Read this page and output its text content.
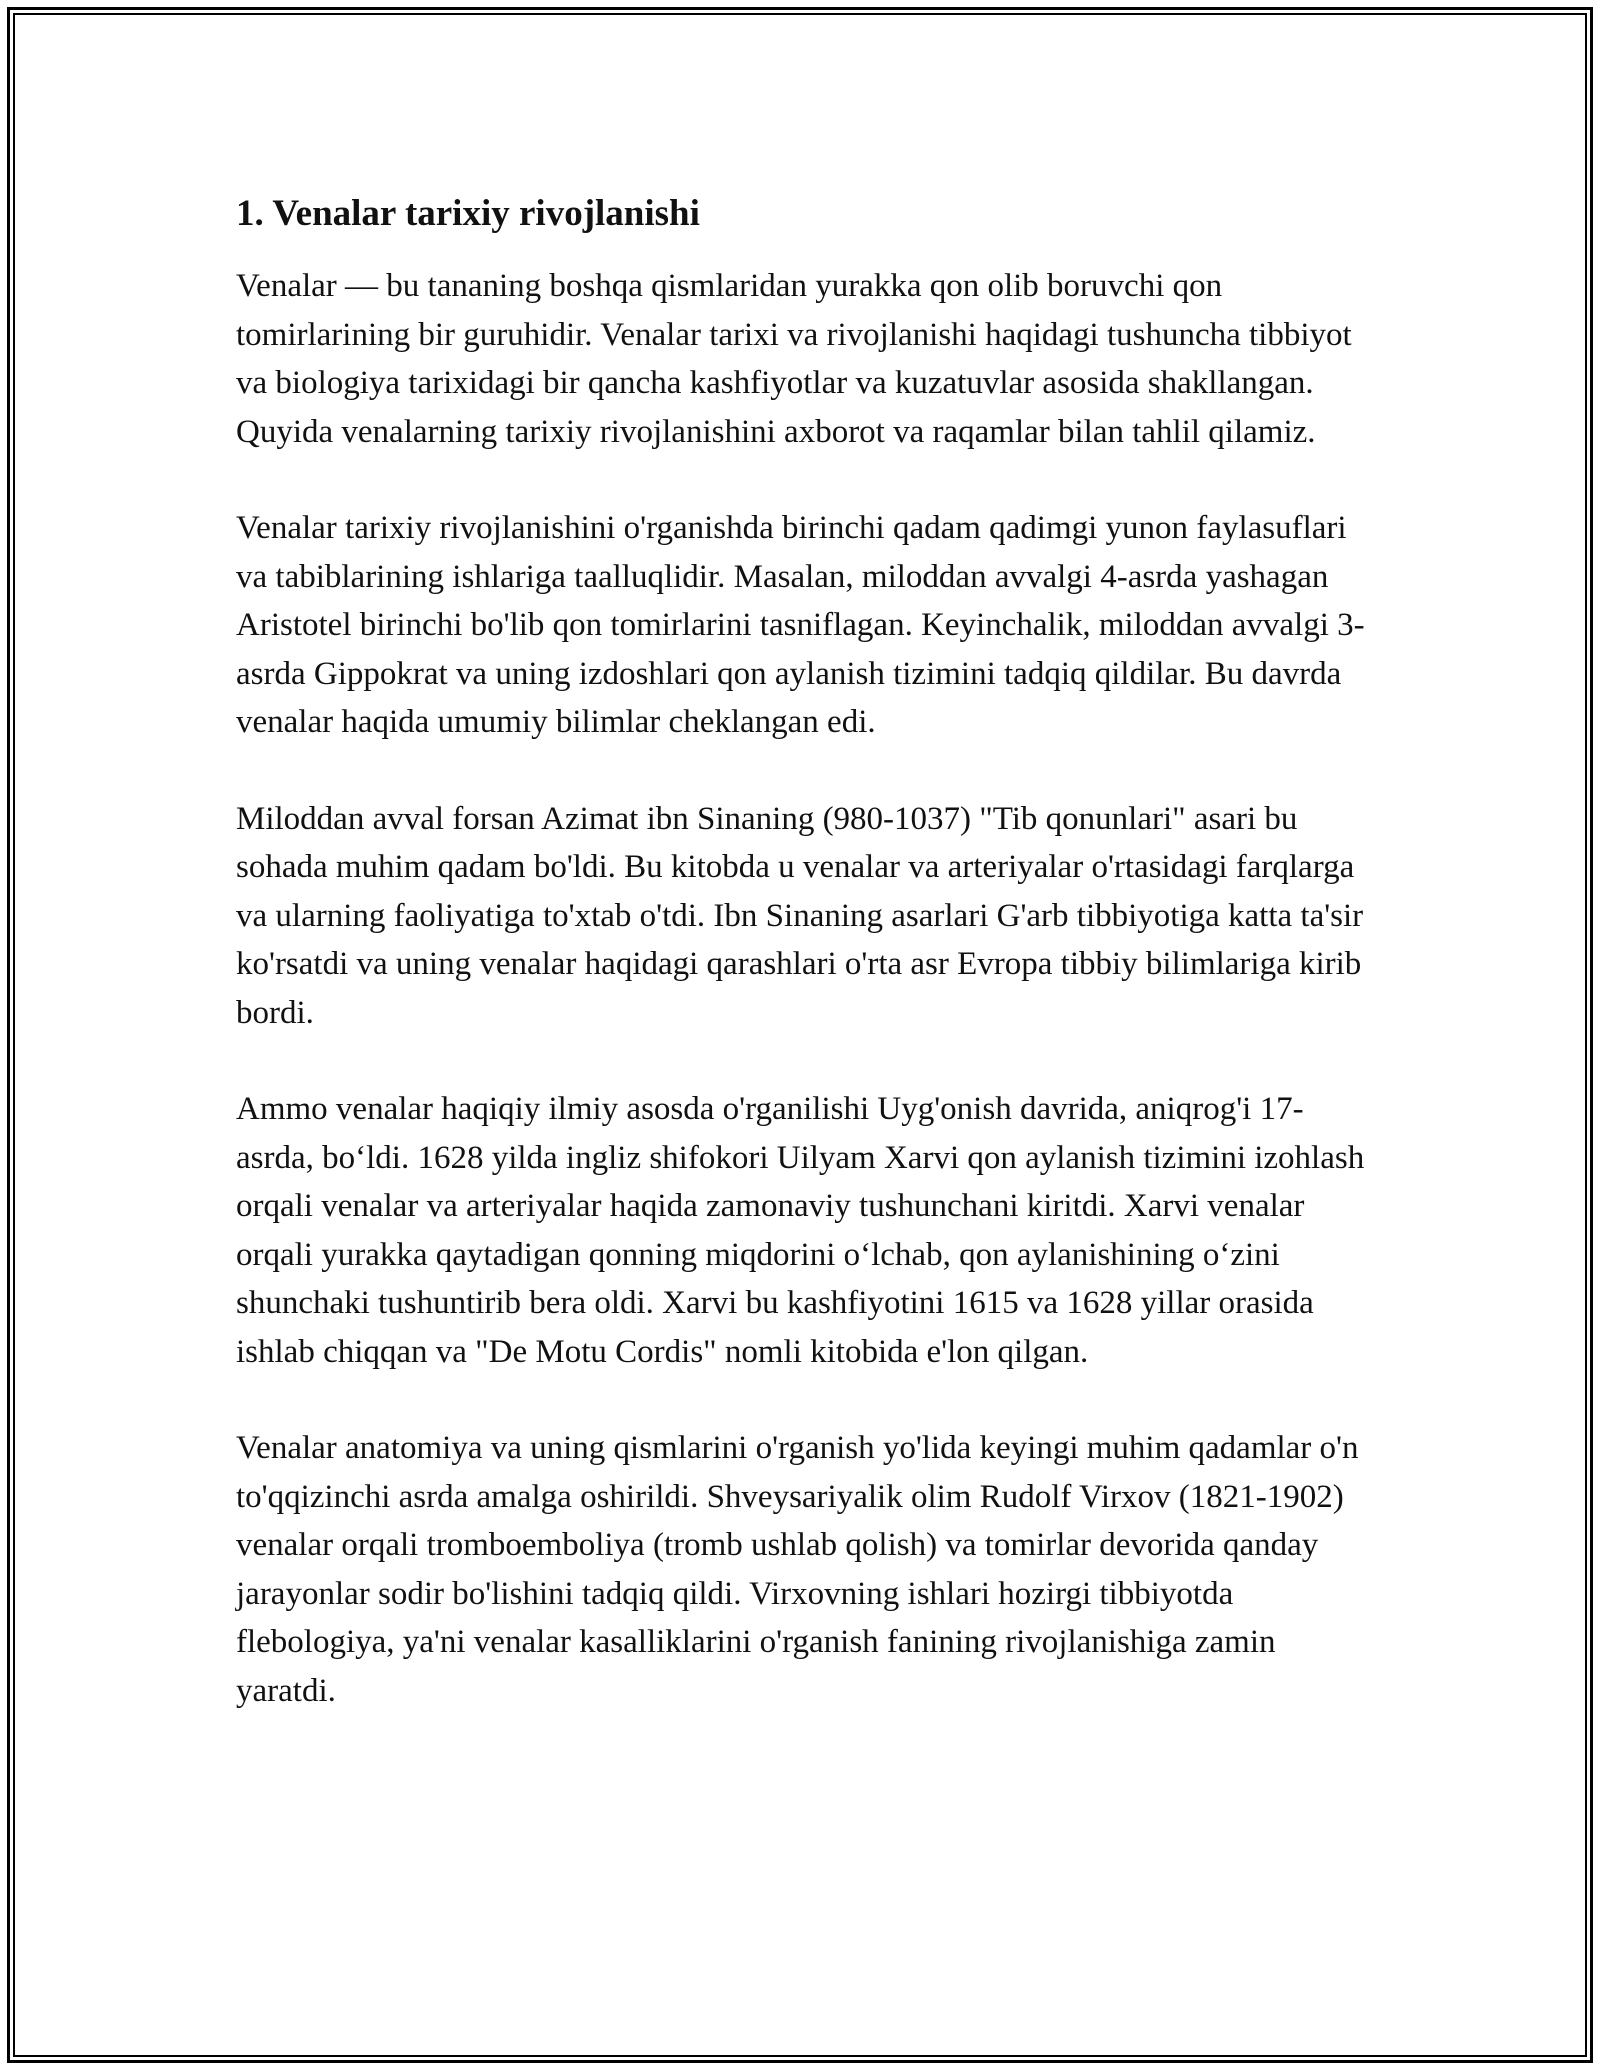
1. Venalar tarixiy rivojlanishi

Venalar — bu tananing boshqa qismlaridan yurakka qon olib boruvchi qon tomirlarining bir guruhidir. Venalar tarixi va rivojlanishi haqidagi tushuncha tibbiyot va biologiya tarixidagi bir qancha kashfiyotlar va kuzatuvlar asosida shakllangan. Quyida venalarning tarixiy rivojlanishini axborot va raqamlar bilan tahlil qilamiz.

Venalar tarixiy rivojlanishini o'rganishda birinchi qadam qadimgi yunon faylasuflari va tabiblarining ishlariga taalluqlidir. Masalan, miloddan avvalgi 4-asrda yashagan Aristotel birinchi bo'lib qon tomirlarini tasniflagan. Keyinchalik, miloddan avvalgi 3-asrda Gippokrat va uning izdoshlari qon aylanish tizimini tadqiq qildilar. Bu davrda venalar haqida umumiy bilimlar cheklangan edi.

Miloddan avval forsan Azimat ibn Sinaning (980-1037) "Tib qonunlari" asari bu sohada muhim qadam bo'ldi. Bu kitobda u venalar va arteriyalar o'rtasidagi farqlarga va ularning faoliyatiga to'xtab o'tdi. Ibn Sinaning asarlari G'arb tibbiyotiga katta ta'sir ko'rsatdi va uning venalar haqidagi qarashlari o'rta asr Evropa tibbiy bilimlariga kirib bordi.

Ammo venalar haqiqiy ilmiy asosda o'rganilishi Uyg'onish davrida, aniqrog'i 17-asrda, bo‘ldi. 1628 yilda ingliz shifokori Uilyam Xarvi qon aylanish tizimini izohlash orqali venalar va arteriyalar haqida zamonaviy tushunchani kiritdi. Xarvi venalar orqali yurakka qaytadigan qonning miqdorini o‘lchab, qon aylanishining o‘zini shunchaki tushuntirib bera oldi. Xarvi bu kashfiyotini 1615 va 1628 yillar orasida ishlab chiqqan va "De Motu Cordis" nomli kitobida e'lon qilgan.

Venalar anatomiya va uning qismlarini o'rganish yo'lida keyingi muhim qadamlar o'n to'qqizinchi asrda amalga oshirildi. Shveysariyalik olim Rudolf Virxov (1821-1902) venalar orqali tromboemboliya (tromb ushlab qolish) va tomirlar devorida qanday jarayonlar sodir bo'lishini tadqiq qildi. Virxovning ishlari hozirgi tibbiyotda flebologiya, ya'ni venalar kasalliklarini o'rganish fanining rivojlanishiga zamin yaratdi.
